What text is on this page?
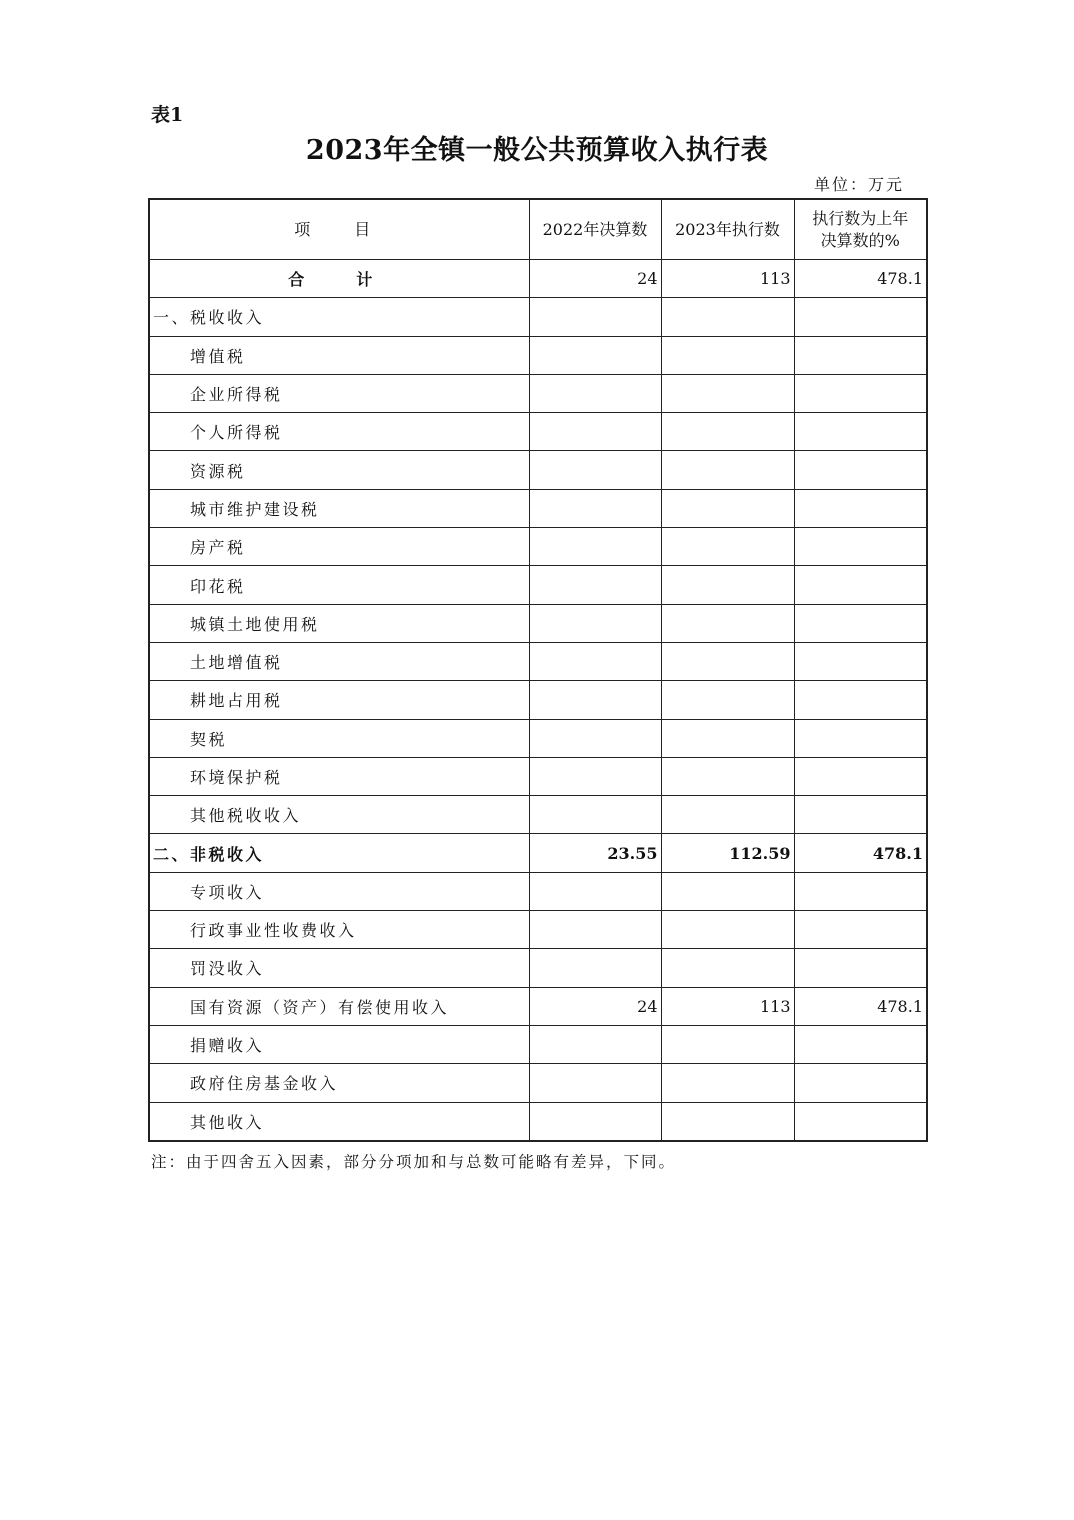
表1
2023年全镇一般公共预算收入执行表
单位：万元
项　目	2022年决算数	2023年执行数	执行数为上年
决算数的%
合　计	24	113	478.1
一、税收收入			
增值税			
企业所得税			
个人所得税			
资源税			
城市维护建设税			
房产税			
印花税			
城镇土地使用税			
土地增值税			
耕地占用税			
契税			
环境保护税			
其他税收收入			
二、非税收入	23.55	112.59	478.1
专项收入			
行政事业性收费收入			
罚没收入			
国有资源（资产）有偿使用收入	24	113	478.1
捐赠收入			
政府住房基金收入			
其他收入			
注：由于四舍五入因素，部分分项加和与总数可能略有差异，下同。
